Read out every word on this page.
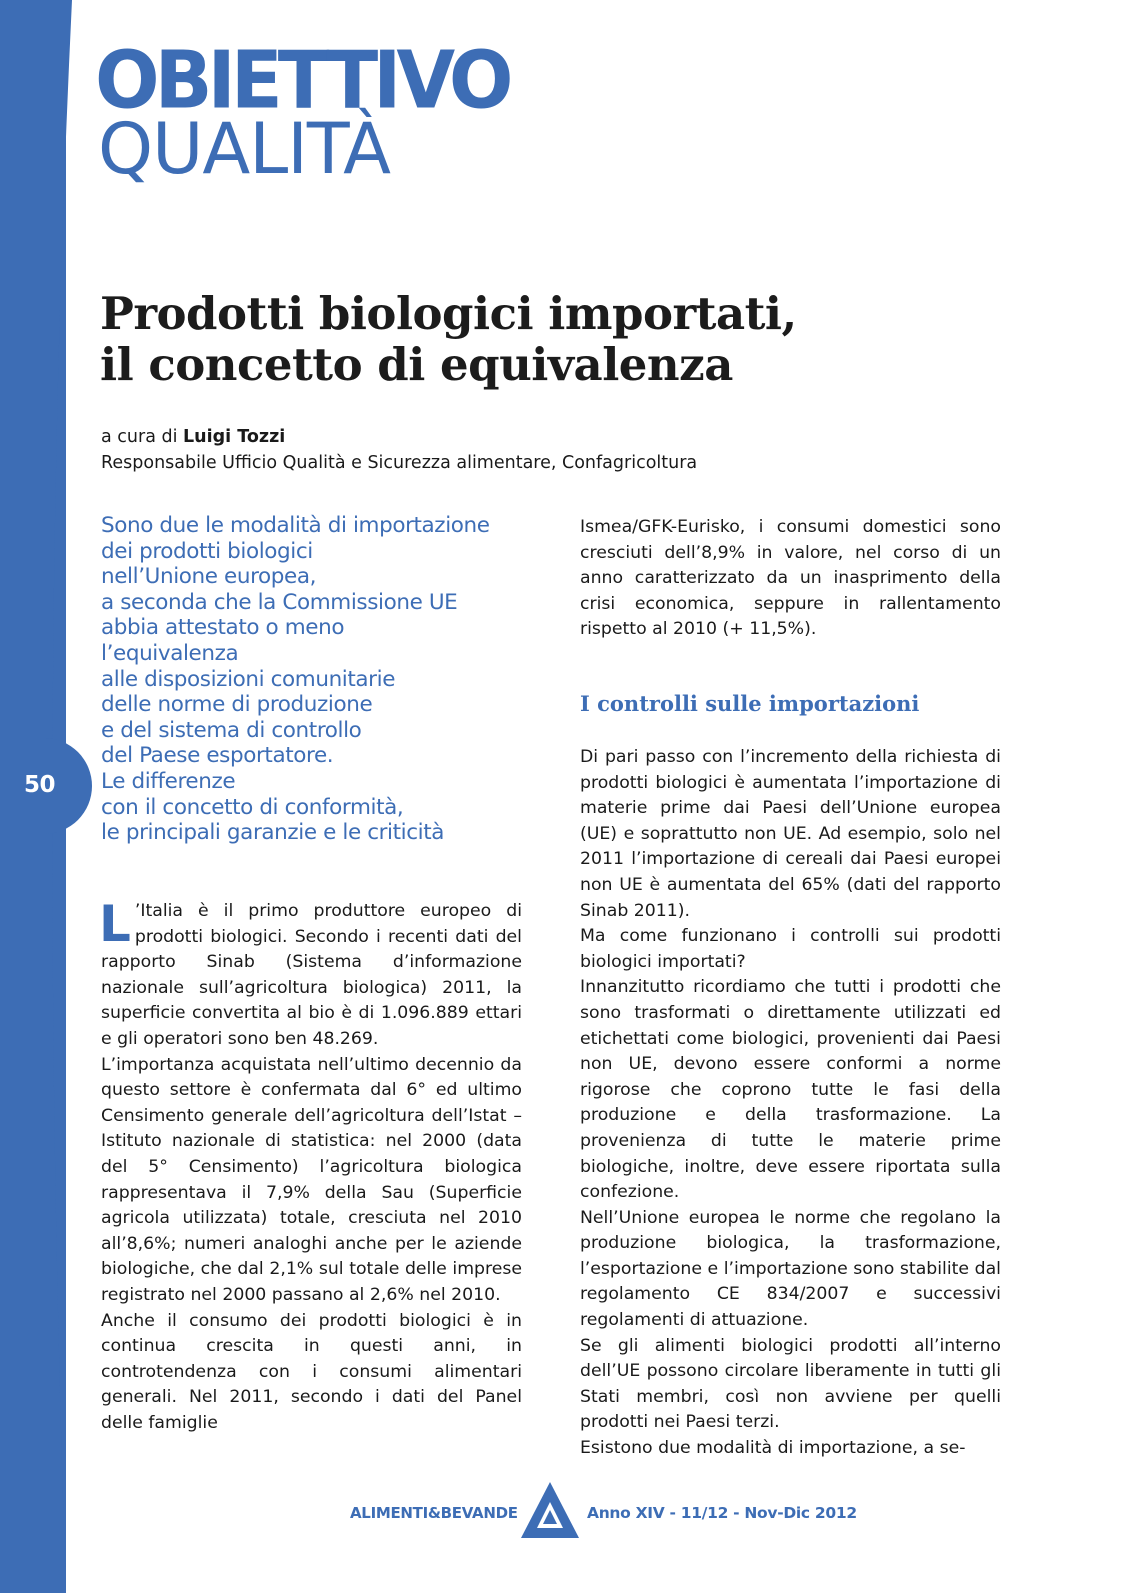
50
OBIETTIVO
QUALITÀ
Prodotti biologici importati,
il concetto di equivalenza
a cura di Luigi Tozzi
Responsabile Ufficio Qualità e Sicurezza alimentare, Confagricoltura
Sono due le modalità di importazione
dei prodotti biologici
nell’Unione europea,
a seconda che la Commissione UE
abbia attestato o meno
l’equivalenza
alle disposizioni comunitarie
delle norme di produzione
e del sistema di controllo
del Paese esportatore.
Le differenze
con il concetto di conformità,
le principali garanzie e le criticità

L ’Italia è il primo produttore europeo di prodotti biologici. Secondo i recenti dati del rapporto Sinab (Sistema d’informazione nazionale sull’agricoltura biologica) 2011, la superficie convertita al bio è di 1.096.889 ettari e gli operatori sono ben 48.269.

L’importanza acquistata nell’ultimo decennio da questo settore è confermata dal 6° ed ultimo Censimento generale dell’agricoltura dell’Istat – Istituto nazionale di statistica: nel 2000 (data del 5° Censimento) l’agricoltura biologica rappresentava il 7,9% della Sau (Superficie agricola utilizzata) totale, cresciuta nel 2010 all’8,6%; numeri analoghi anche per le aziende biologiche, che dal 2,1% sul totale delle imprese registrato nel 2000 passano al 2,6% nel 2010.

Anche il consumo dei prodotti biologici è in continua crescita in questi anni, in controtendenza con i consumi alimentari generali. Nel 2011, secondo i dati del Panel delle famiglie

Ismea/GFK-Eurisko, i consumi domestici sono cresciuti dell’8,9% in valore, nel corso di un anno caratterizzato da un inasprimento della crisi economica, seppure in rallentamento rispetto al 2010 (+ 11,5%).

I controlli sulle importazioni

Di pari passo con l’incremento della richiesta di prodotti biologici è aumentata l’importazione di materie prime dai Paesi dell’Unione europea (UE) e soprattutto non UE. Ad esempio, solo nel 2011 l’importazione di cereali dai Paesi europei non UE è aumentata del 65% (dati del rapporto Sinab 2011).

Ma come funzionano i controlli sui prodotti biologici importati?

Innanzitutto ricordiamo che tutti i prodotti che sono trasformati o direttamente utilizzati ed etichettati come biologici, provenienti dai Paesi non UE, devono essere conformi a norme rigorose che coprono tutte le fasi della produzione e della trasformazione. La provenienza di tutte le materie prime biologiche, inoltre, deve essere riportata sulla confezione.

Nell’Unione europea le norme che regolano la produzione biologica, la trasformazione, l’esportazione e l’importazione sono stabilite dal regolamento CE 834/2007 e successivi regolamenti di attuazione.

Se gli alimenti biologici prodotti all’interno dell’UE possono circolare liberamente in tutti gli Stati membri, così non avviene per quelli prodotti nei Paesi terzi.

Esistono due modalità di importazione, a se-

ALIMENTI&BEVANDE	Anno XIV - 11/12 - Nov-Dic 2012
